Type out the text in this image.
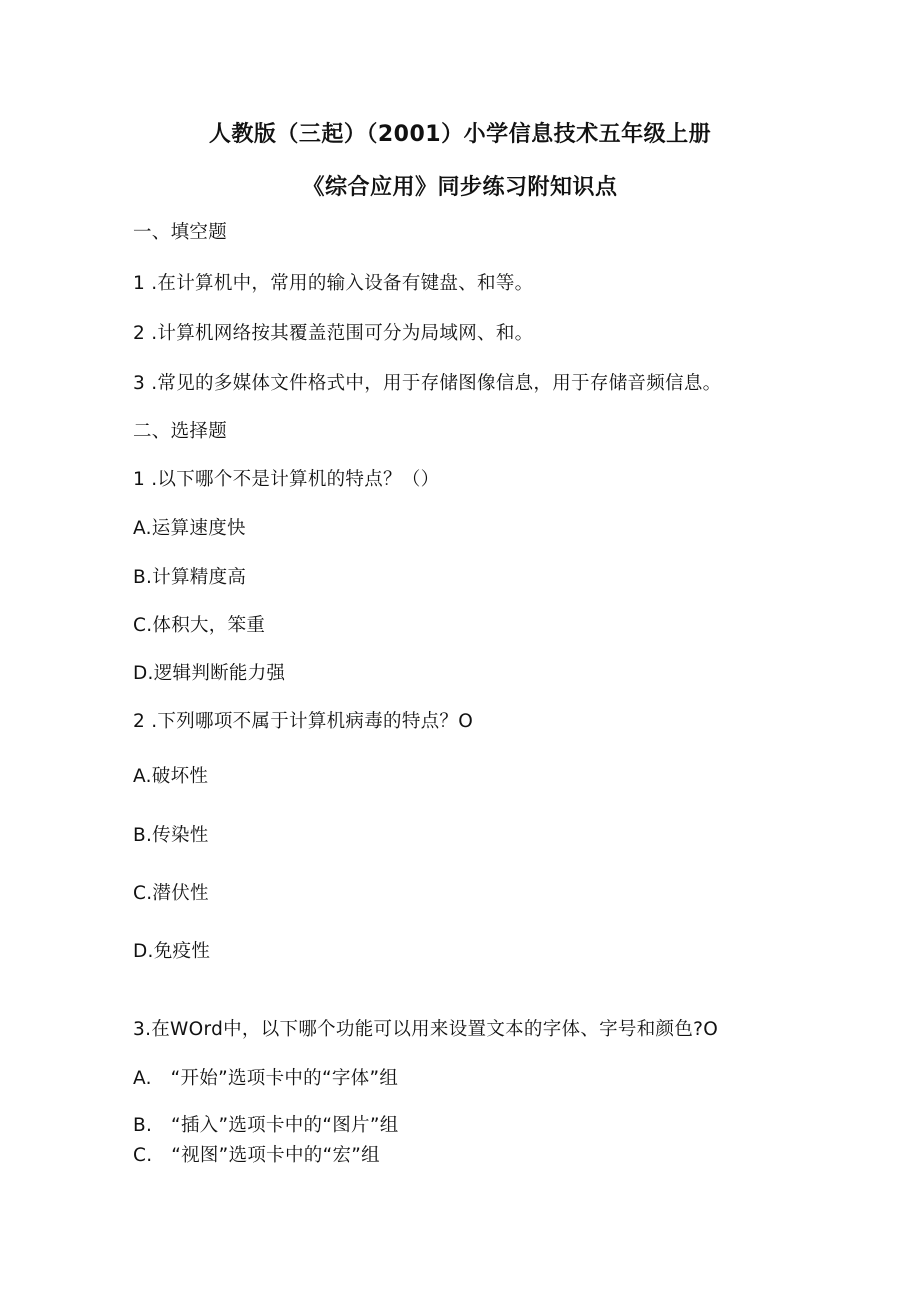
人教版（三起）（2001）小学信息技术五年级上册
《综合应用》同步练习附知识点
一、填空题
1 .在计算机中，常用的输入设备有键盘、和等。
2 .计算机网络按其覆盖范围可分为局域网、和。
3 .常见的多媒体文件格式中，用于存储图像信息，用于存储音频信息。
二、选择题
1 .以下哪个不是计算机的特点？（）
A.运算速度快
B.计算精度高
C.体积大，笨重
D.逻辑判断能力强
2 .下列哪项不属于计算机病毒的特点？O
A.破坏性
B.传染性
C.潜伏性
D.免疫性
3.在WOrd中，以下哪个功能可以用来设置文本的字体、字号和颜色?O
A.　“开始”选项卡中的“字体”组
B.　“插入”选项卡中的“图片”组
C.　“视图”选项卡中的“宏”组
